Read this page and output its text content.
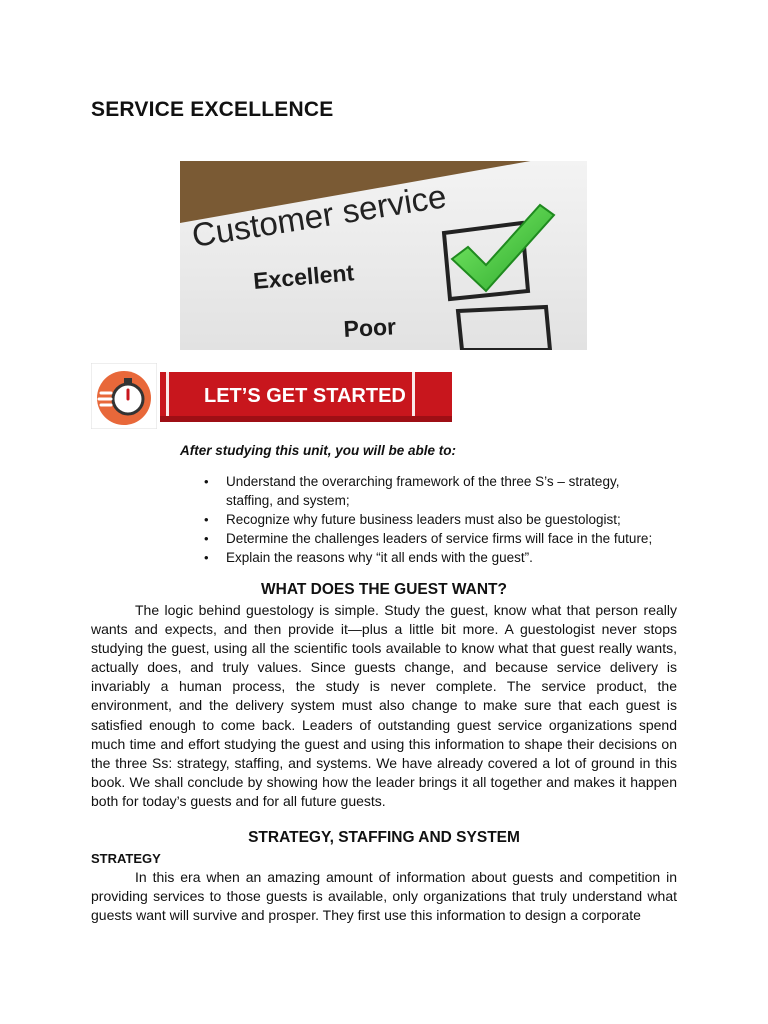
SERVICE EXCELLENCE
Customer service
Excellent
Poor
LET’S GET STARTED
After studying this unit, you will be able to:
• Understand the overarching framework of the three S’s – strategy, staffing, and system;
• Recognize why future business leaders must also be guestologist;
• Determine the challenges leaders of service firms will face in the future;
• Explain the reasons why “it all ends with the guest”.
WHAT DOES THE GUEST WANT?

The logic behind guestology is simple. Study the guest, know what that person really wants and expects, and then provide it—plus a little bit more. A guestologist never stops studying the guest, using all the scientific tools available to know what that guest really wants, actually does, and truly values. Since guests change, and because service delivery is invariably a human process, the study is never complete. The service product, the environment, and the delivery system must also change to make sure that each guest is satisfied enough to come back. Leaders of outstanding guest service organizations spend much time and effort studying the guest and using this information to shape their decisions on the three Ss: strategy, staffing, and systems. We have already covered a lot of ground in this book. We shall conclude by showing how the leader brings it all together and makes it happen both for today’s guests and for all future guests.

STRATEGY, STAFFING AND SYSTEM
STRATEGY

In this era when an amazing amount of information about guests and competition in providing services to those guests is available, only organizations that truly understand what guests want will survive and prosper. They first use this information to design a corporate
